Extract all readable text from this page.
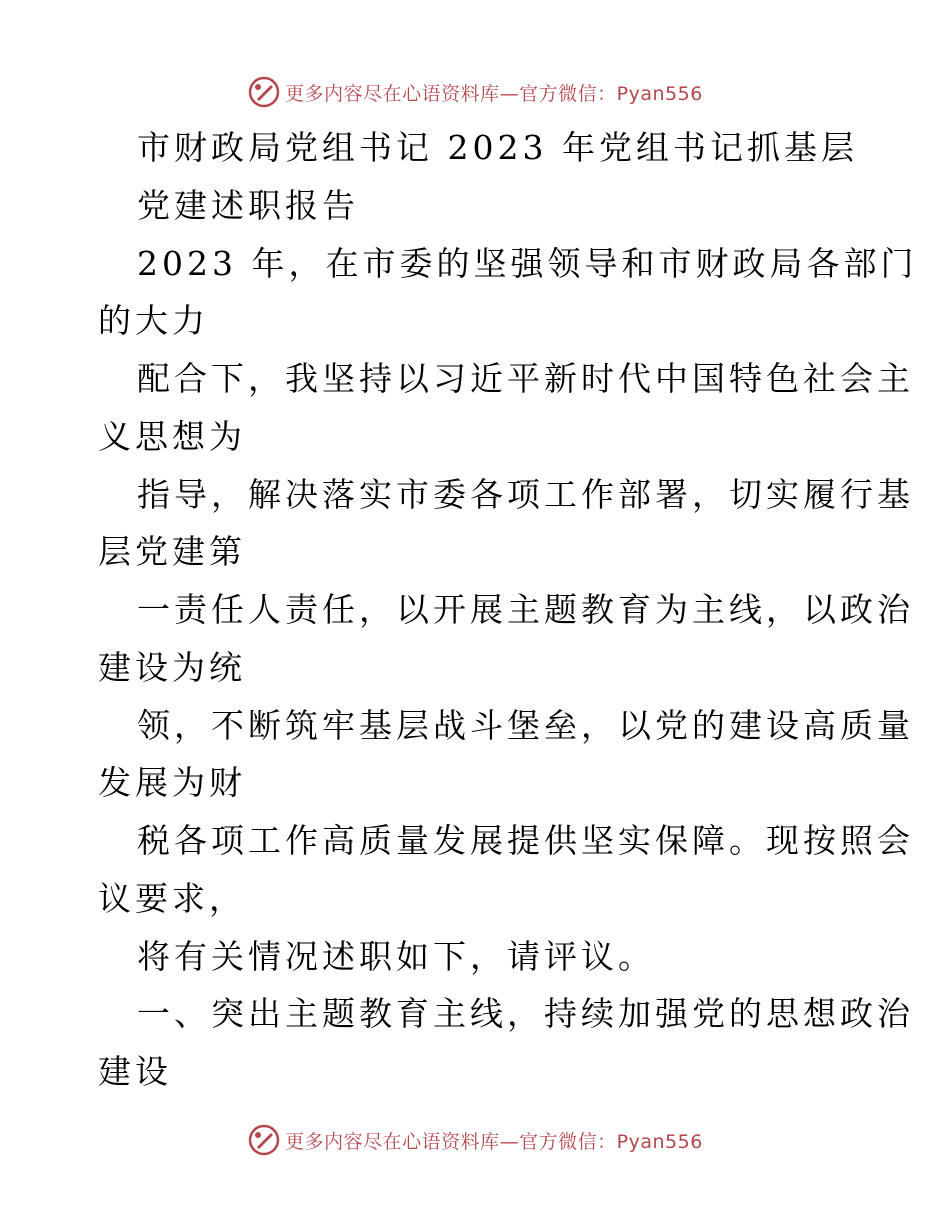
更多内容尽在心语资料库—官方微信：Pyan556
市财政局党组书记 2023 年党组书记抓基层
党建述职报告
2023 年，在市委的坚强领导和市财政局各部门
的大力
配合下，我坚持以习近平新时代中国特色社会主
义思想为
指导，解决落实市委各项工作部署，切实履行基
层党建第
一责任人责任，以开展主题教育为主线，以政治
建设为统
领，不断筑牢基层战斗堡垒，以党的建设高质量
发展为财
税各项工作高质量发展提供坚实保障。现按照会
议要求，
将有关情况述职如下，请评议。
一、突出主题教育主线，持续加强党的思想政治
建设
更多内容尽在心语资料库—官方微信：Pyan556
